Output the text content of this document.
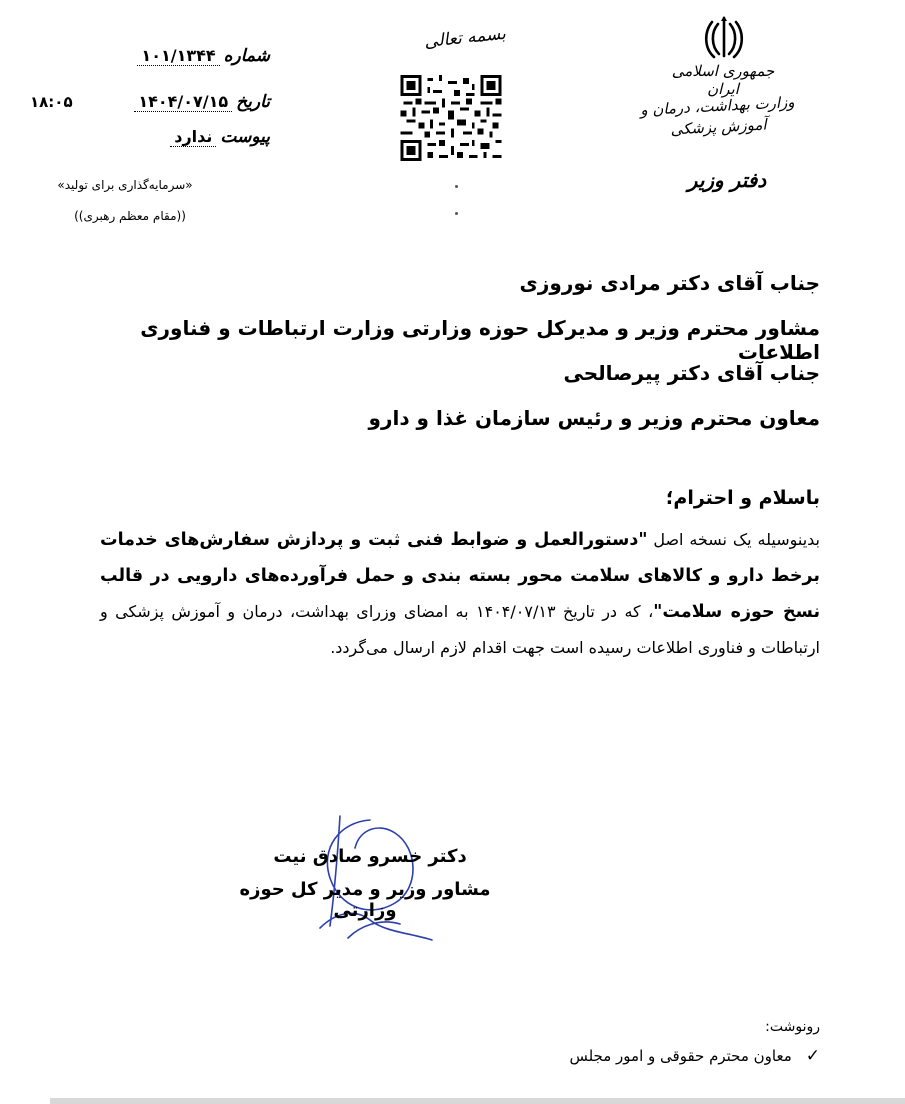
جمهوری اسلامی ایران
وزارت بهداشت، درمان و آموزش پزشکی
دفتر وزیر
بسمه تعالی
شماره
۱۰۱/۱۳۴۴
تاریخ
۱۴۰۴/۰۷/۱۵
پیوست
ندارد
۱۸:۰۵
«سرمایه‌گذاری برای تولید»
((مقام معظم رهبری))
جناب آقای دکتر مرادی نوروزی
مشاور محترم وزیر و مدیرکل حوزه وزارتی وزارت ارتباطات و فناوری اطلاعات
جناب آقای دکتر پیرصالحی
معاون محترم وزیر و رئیس سازمان غذا و دارو
باسلام و احترام؛
بدینوسیله یک نسخه اصل "دستورالعمل و ضوابط فنی ثبت و پردازش سفارش‌های خدمات برخط دارو و کالاهای سلامت محور بسته بندی و حمل فرآورده‌های دارویی در قالب نسخ حوزه سلامت"، که در تاریخ ۱۴۰۴/۰۷/۱۳ به امضای وزرای بهداشت، درمان و آموزش پزشکی و ارتباطات و فناوری اطلاعات رسیده است جهت اقدام لازم ارسال می‌گردد.
دکتر خسرو صادق نیت
مشاور وزیر و مدیر کل حوزه وزارتی
رونوشت:
معاون محترم حقوقی و امور مجلس ✓
